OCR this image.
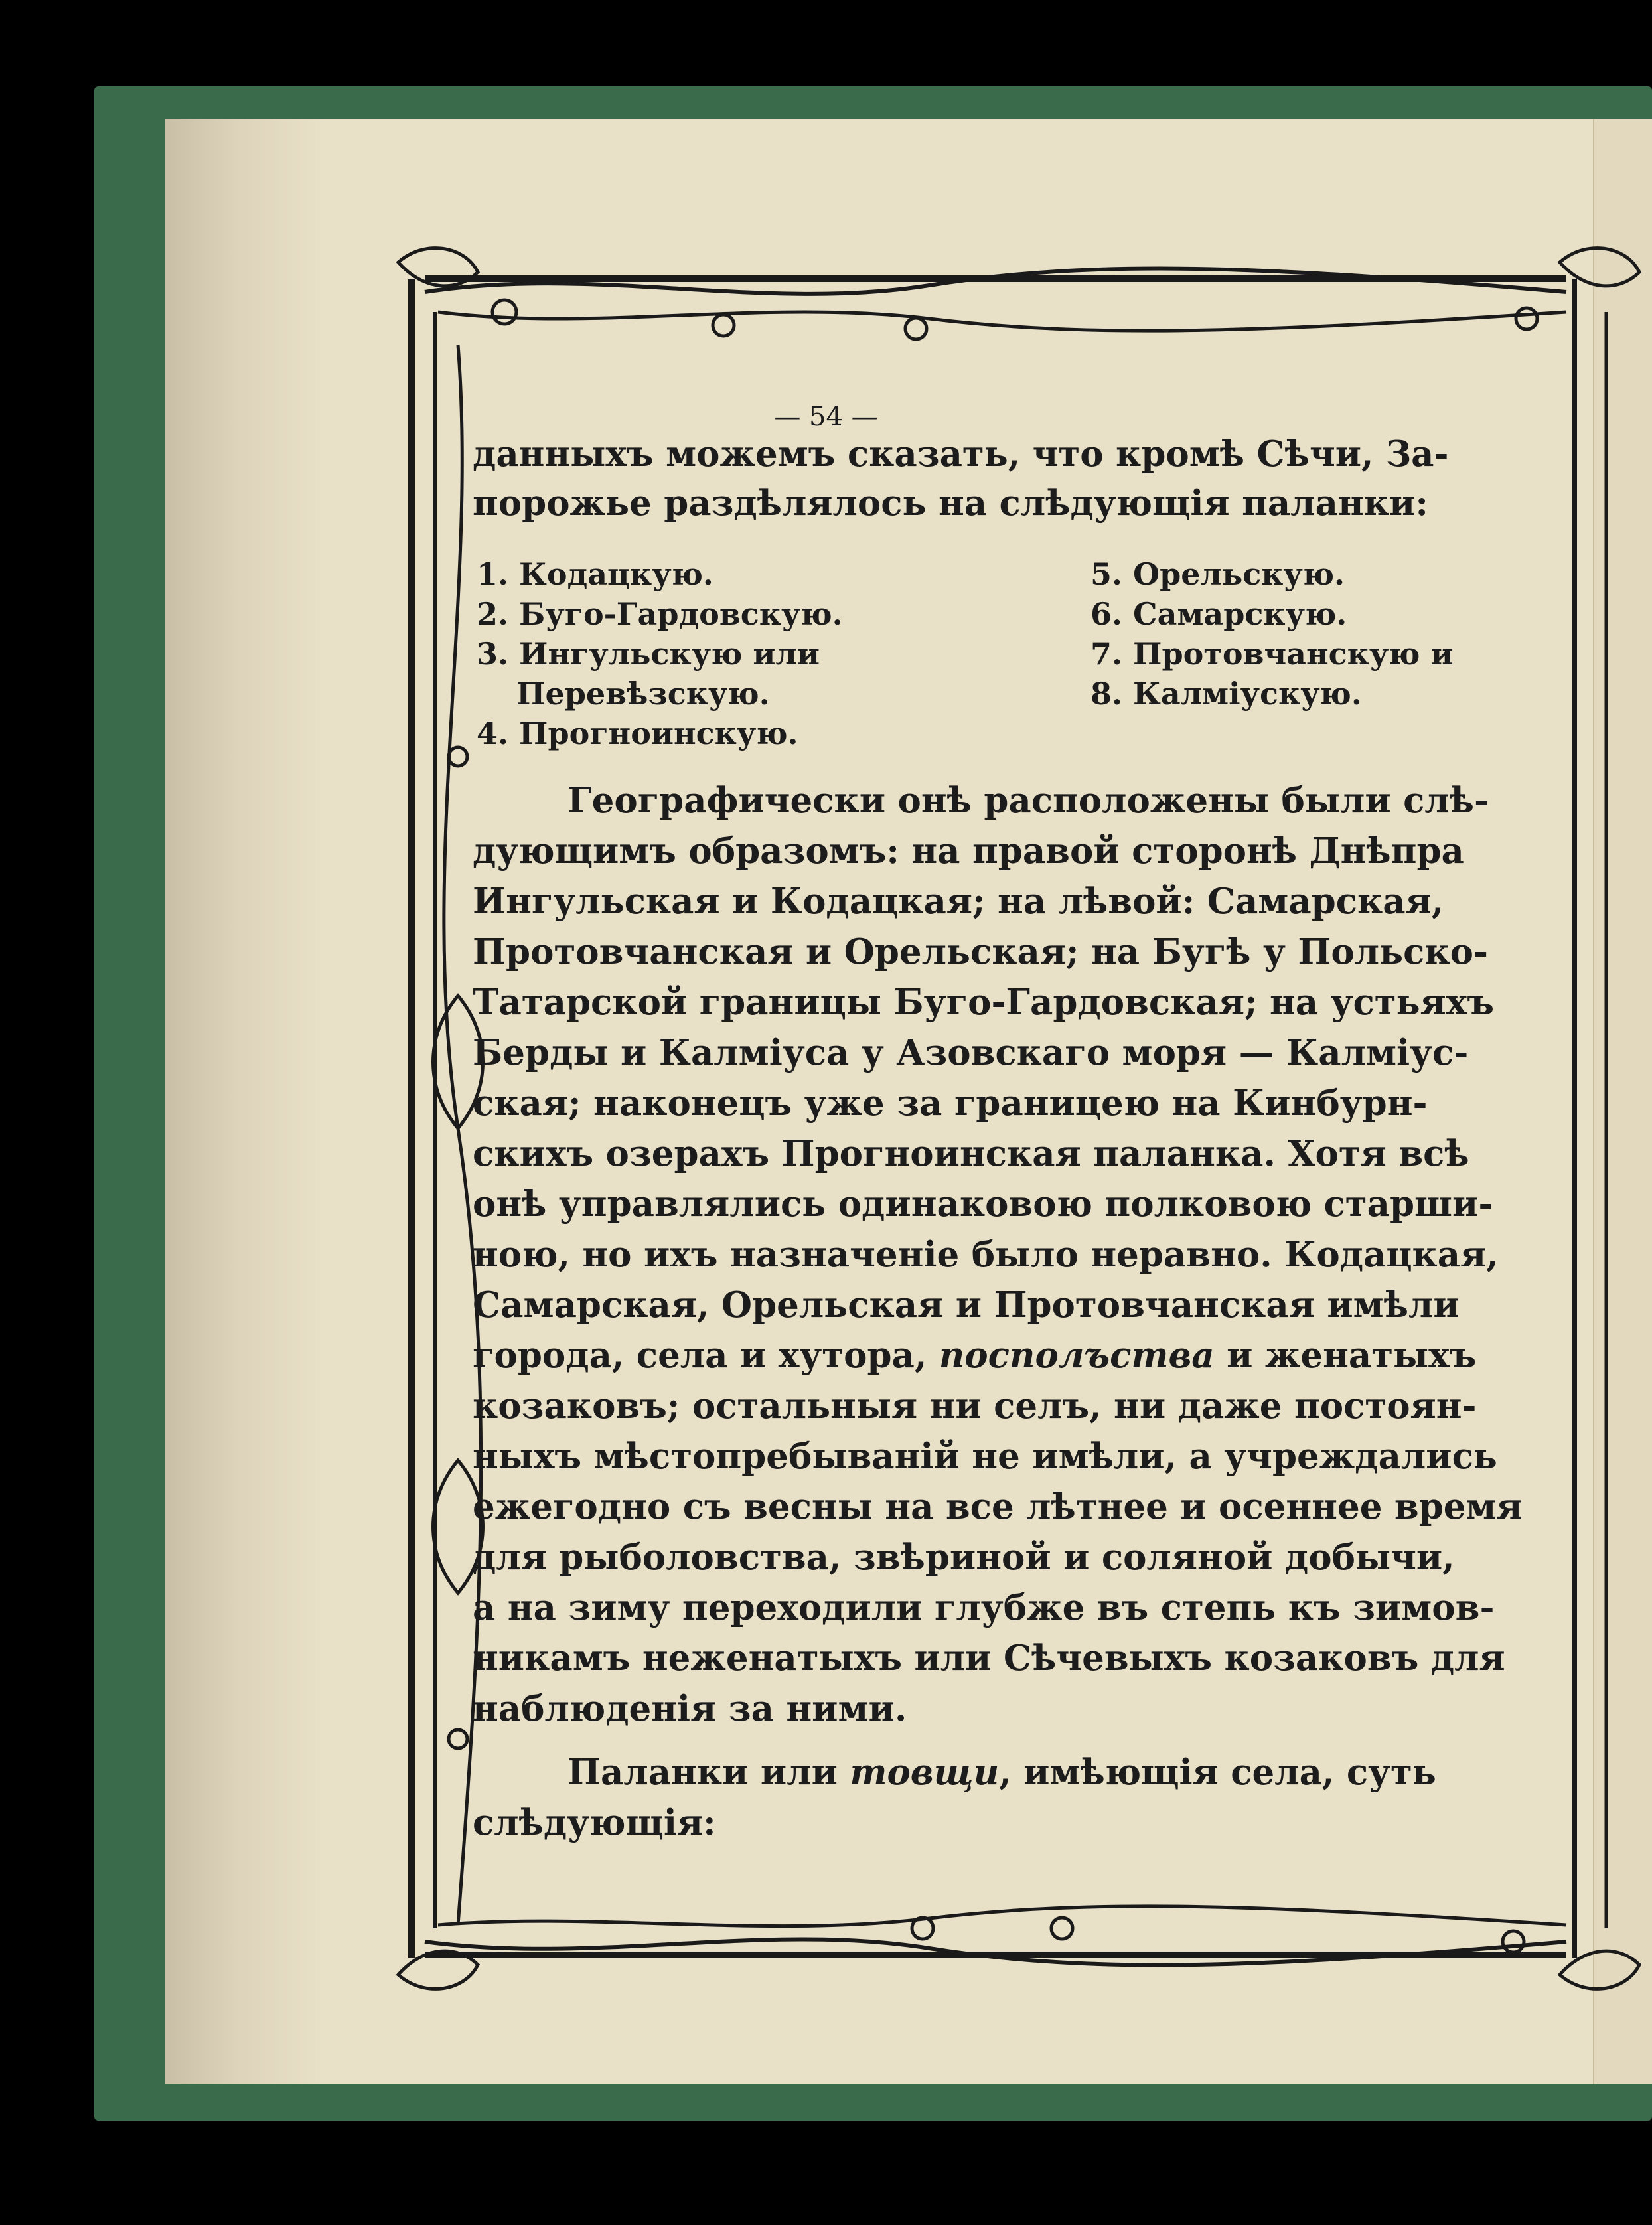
— 54 —
данныхъ можемъ сказать, что кромѣ Сѣчи, За-
порожье раздѣлялось на слѣдующія паланки:
1. Кодацкую.
2. Буго-Гардовскую.
3. Ингульскую или
Перевѣзскую.
4. Прогноинскую.
5. Орельскую.
6. Самарскую.
7. Протовчанскую и
8. Калміускую.
Географически онѣ расположены были слѣ-
дующимъ образомъ: на правой сторонѣ Днѣпра
Ингульская и Кодацкая; на лѣвой: Самарская,
Протовчанская и Орельская; на Бугѣ у Польско-
Татарской границы Буго-Гардовская; на устьяхъ
Берды и Калміуса у Азовскаго моря — Калміус-
ская; наконецъ уже за границею на Кинбурн-
скихъ озерахъ Прогноинская паланка. Хотя всѣ
онѣ управлялись одинаковою полковою старши-
ною, но ихъ назначеніе было неравно. Кодацкая,
Самарская, Орельская и Протовчанская имѣли
города, села и хутора, посполъства и женатыхъ
козаковъ; остальныя ни селъ, ни даже постоян-
ныхъ мѣстопребываній не имѣли, а учреждались
ежегодно съ весны на все лѣтнее и осеннее время
для рыболовства, звѣриной и соляной добычи,
а на зиму переходили глубже въ степь къ зимов-
никамъ неженатыхъ или Сѣчевыхъ козаковъ для
наблюденія за ними.
Паланки или товщи, имѣющія села, суть
слѣдующія:
